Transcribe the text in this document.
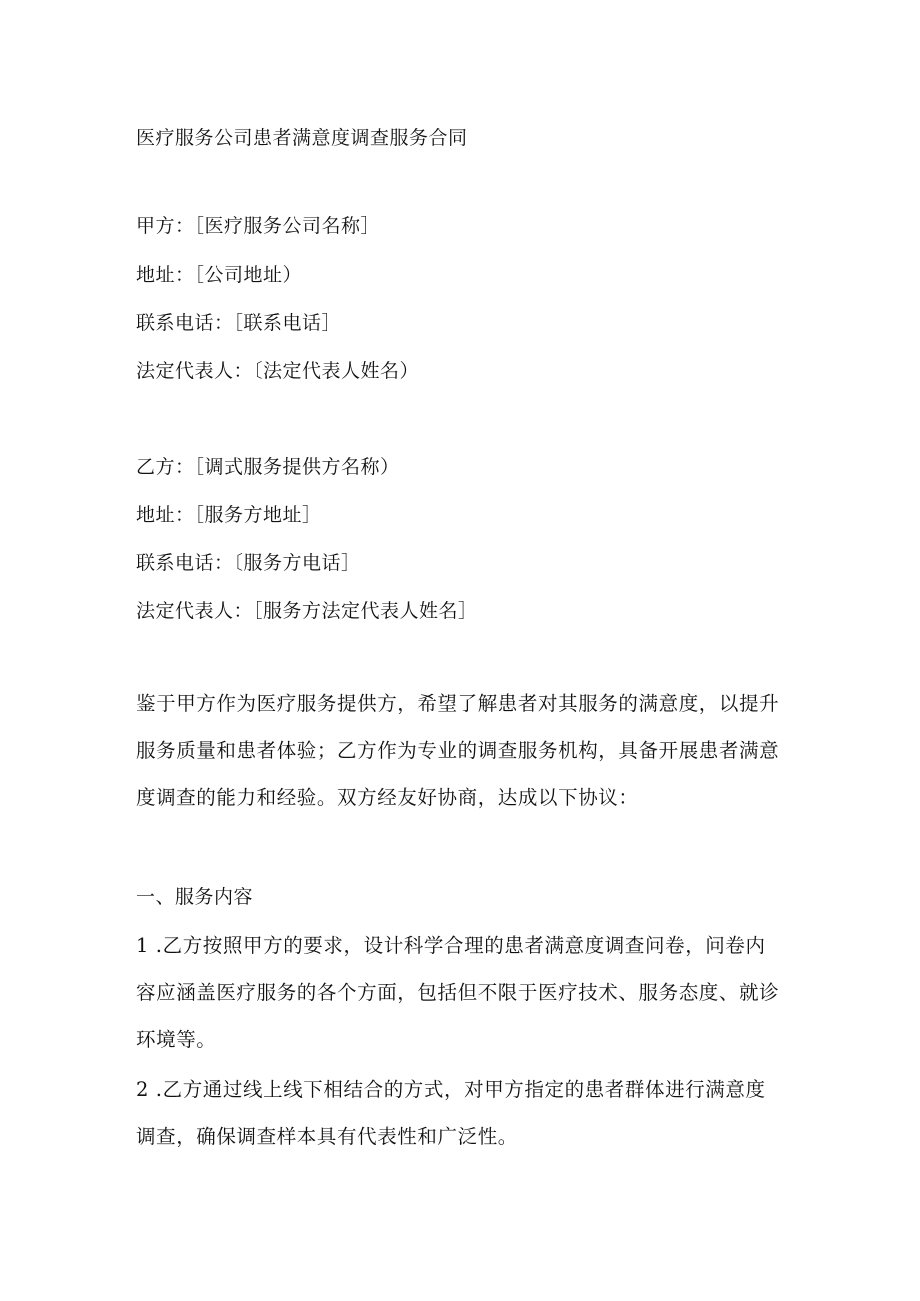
医疗服务公司患者满意度调查服务合同
甲方：［医疗服务公司名称］
地址：［公司地址）
联系电话：［联系电话］
法定代表人：〔法定代表人姓名）
乙方：［调式服务提供方名称）
地址：［服务方地址］
联系电话：〔服务方电话］
法定代表人：［服务方法定代表人姓名］
鉴于甲方作为医疗服务提供方，希望了解患者对其服务的满意度，以提升
服务质量和患者体验；乙方作为专业的调查服务机构，具备开展患者满意
度调查的能力和经验。双方经友好协商，达成以下协议：
一、服务内容
1 .乙方按照甲方的要求，设计科学合理的患者满意度调查问卷，问卷内
容应涵盖医疗服务的各个方面，包括但不限于医疗技术、服务态度、就诊
环境等。
2 .乙方通过线上线下相结合的方式，对甲方指定的患者群体进行满意度
调查，确保调查样本具有代表性和广泛性。
